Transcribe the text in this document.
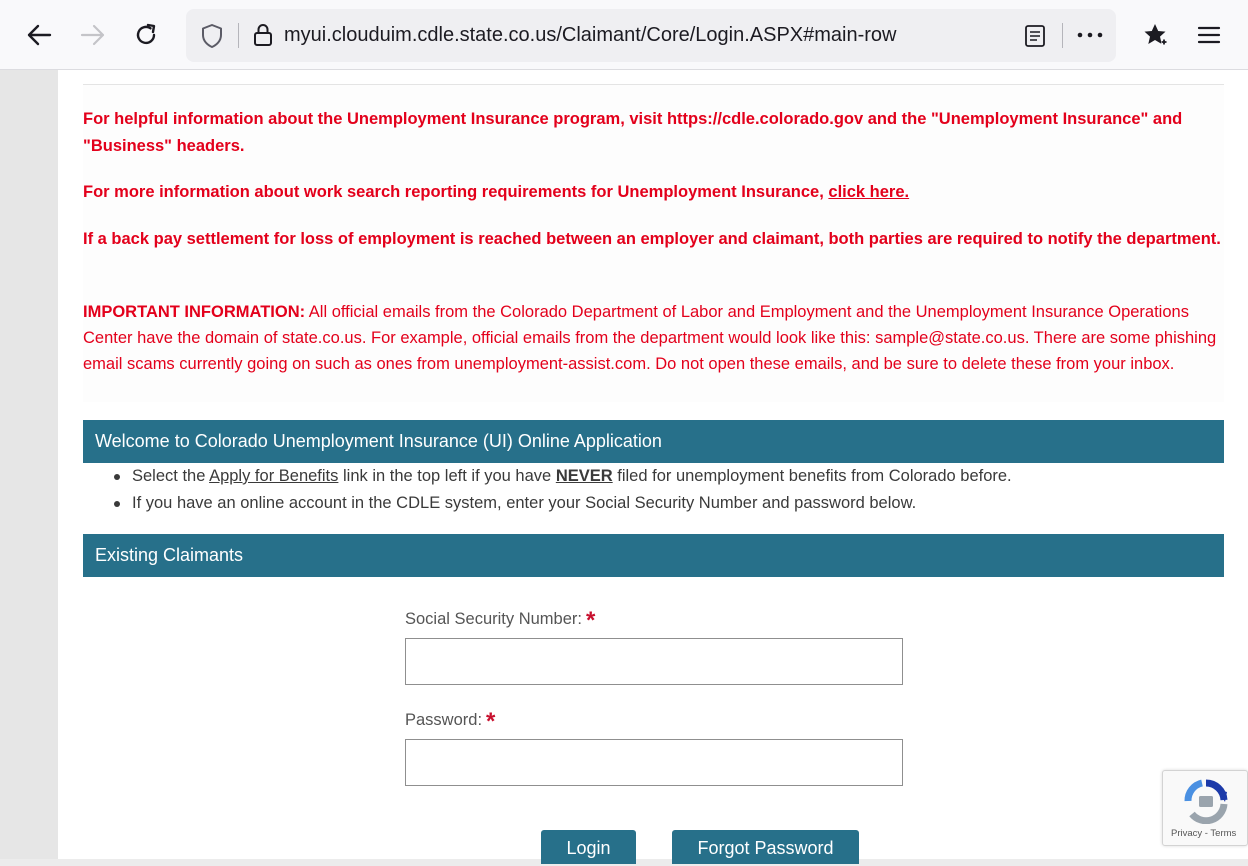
myui.clouduim.cdle.state.co.us/Claimant/Core/Login.ASPX#main-row
For helpful information about the Unemployment Insurance program, visit https://cdle.colorado.gov and the "Unemployment Insurance" and "Business" headers.
For more information about work search reporting requirements for Unemployment Insurance, click here.
If a back pay settlement for loss of employment is reached between an employer and claimant, both parties are required to notify the department.
IMPORTANT INFORMATION: All official emails from the Colorado Department of Labor and Employment and the Unemployment Insurance Operations Center have the domain of state.co.us. For example, official emails from the department would look like this: sample@state.co.us. There are some phishing email scams currently going on such as ones from unemployment-assist.com. Do not open these emails, and be sure to delete these from your inbox.
Welcome to Colorado Unemployment Insurance (UI) Online Application
Select the Apply for Benefits link in the top left if you have NEVER filed for unemployment benefits from Colorado before.
If you have an online account in the CDLE system, enter your Social Security Number and password below.
Existing Claimants
Social Security Number: *
Password: *
Login	Forgot Password
Privacy - Terms
